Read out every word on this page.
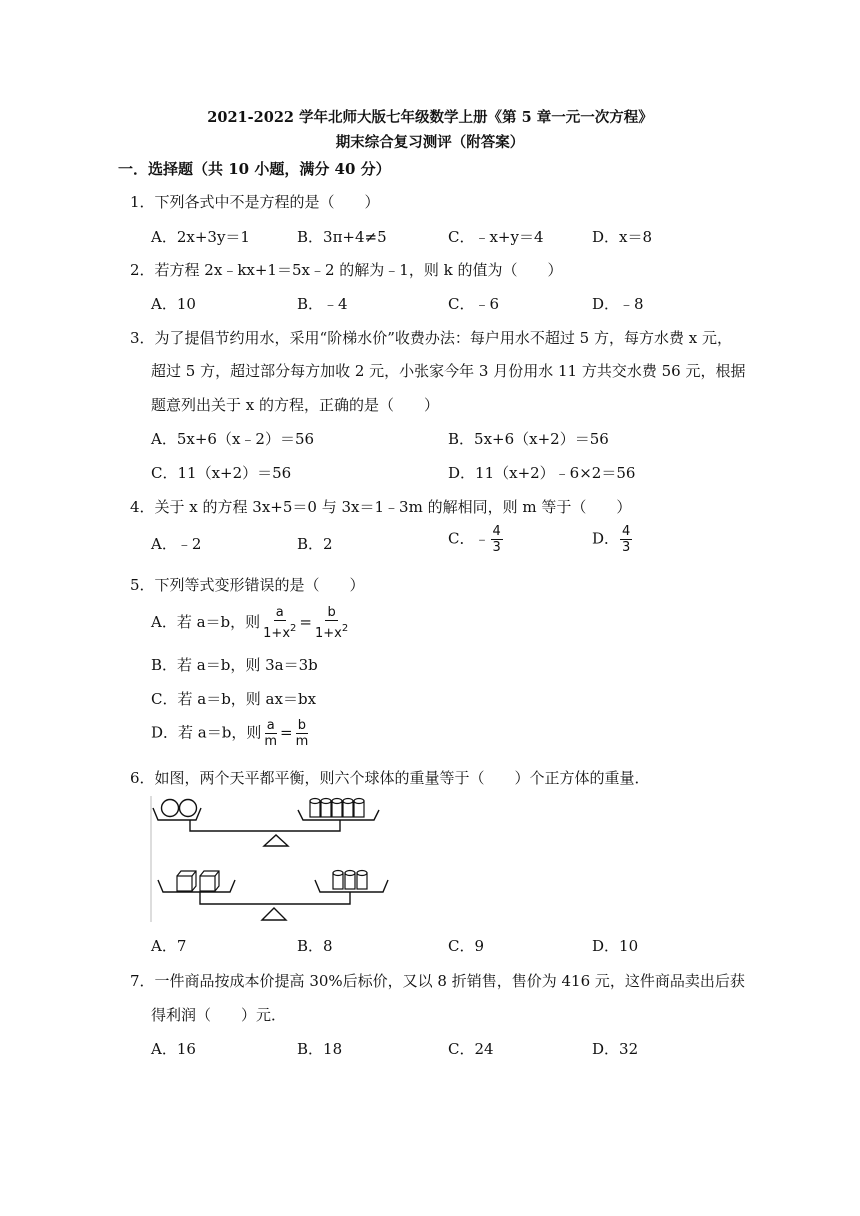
2021-2022 学年北师大版七年级数学上册《第 5 章一元一次方程》
期末综合复习测评（附答案）
一．选择题（共 10 小题，满分 40 分）
1．下列各式中不是方程的是（　　）
A．2x+3y＝1	B．3π+4≠5	C．﹣x+y＝4	D．x＝8
2．若方程 2x﹣kx+1＝5x﹣2 的解为﹣1，则 k 的值为（　　）
A．10	B．﹣4	C．﹣6	D．﹣8
3．为了提倡节约用水，采用“阶梯水价”收费办法：每户用水不超过 5 方，每方水费 x 元，
超过 5 方，超过部分每方加收 2 元，小张家今年 3 月份用水 11 方共交水费 56 元，根据
题意列出关于 x 的方程，正确的是（　　）
A．5x+6（x﹣2）＝56	B．5x+6（x+2）＝56
C．11（x+2）＝56	D．11（x+2）﹣6×2＝56
4．关于 x 的方程 3x+5＝0 与 3x＝1﹣3m 的解相同，则 m 等于（　　）
A．﹣2	B．2	C．﹣ $\frac{4}{3}$	D． $\frac{4}{3}$
5．下列等式变形错误的是（　　）
A．若 a＝b，则 $\frac{a}{1+x^2} = \frac{b}{1+x^2}$
B．若 a＝b，则 3a＝3b
C．若 a＝b，则 ax＝bx
D．若 a＝b，则 $\frac{a}{m} = \frac{b}{m}$
6．如图，两个天平都平衡，则六个球体的重量等于（　　）个正方体的重量．
A．7	B．8	C．9	D．10
7．一件商品按成本价提高 30%后标价，又以 8 折销售，售价为 416 元，这件商品卖出后获
得利润（　　）元．
A．16	B．18	C．24	D．32
